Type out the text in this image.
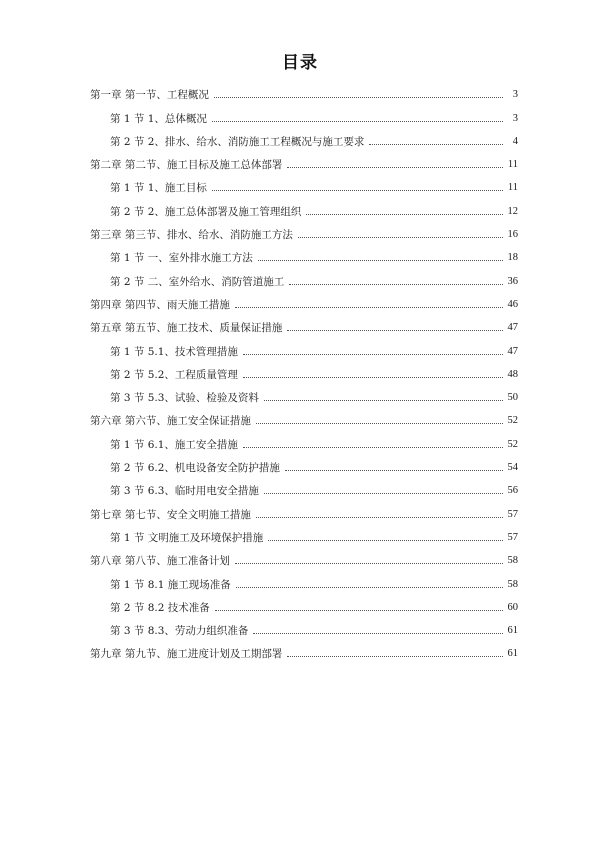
目录
第一章 第一节、工程概况	3
第 1 节 1、总体概况	3
第 2 节 2、排水、给水、消防施工工程概况与施工要求	4
第二章 第二节、施工目标及施工总体部署	11
第 1 节 1、施工目标	11
第 2 节 2、施工总体部署及施工管理组织	12
第三章 第三节、排水、给水、消防施工方法	16
第 1 节 一、室外排水施工方法	18
第 2 节 二、室外给水、消防管道施工	36
第四章 第四节、雨天施工措施	46
第五章 第五节、施工技术、质量保证措施	47
第 1 节 5.1、技术管理措施	47
第 2 节 5.2、工程质量管理	48
第 3 节 5.3、试验、检验及资料	50
第六章 第六节、施工安全保证措施	52
第 1 节 6.1、施工安全措施	52
第 2 节 6.2、机电设备安全防护措施	54
第 3 节 6.3、临时用电安全措施	56
第七章 第七节、安全文明施工措施	57
第 1 节 文明施工及环境保护措施	57
第八章 第八节、施工准备计划	58
第 1 节 8.1 施工现场准备	58
第 2 节 8.2 技术准备	60
第 3 节 8.3、劳动力组织准备	61
第九章 第九节、施工进度计划及工期部署	61
